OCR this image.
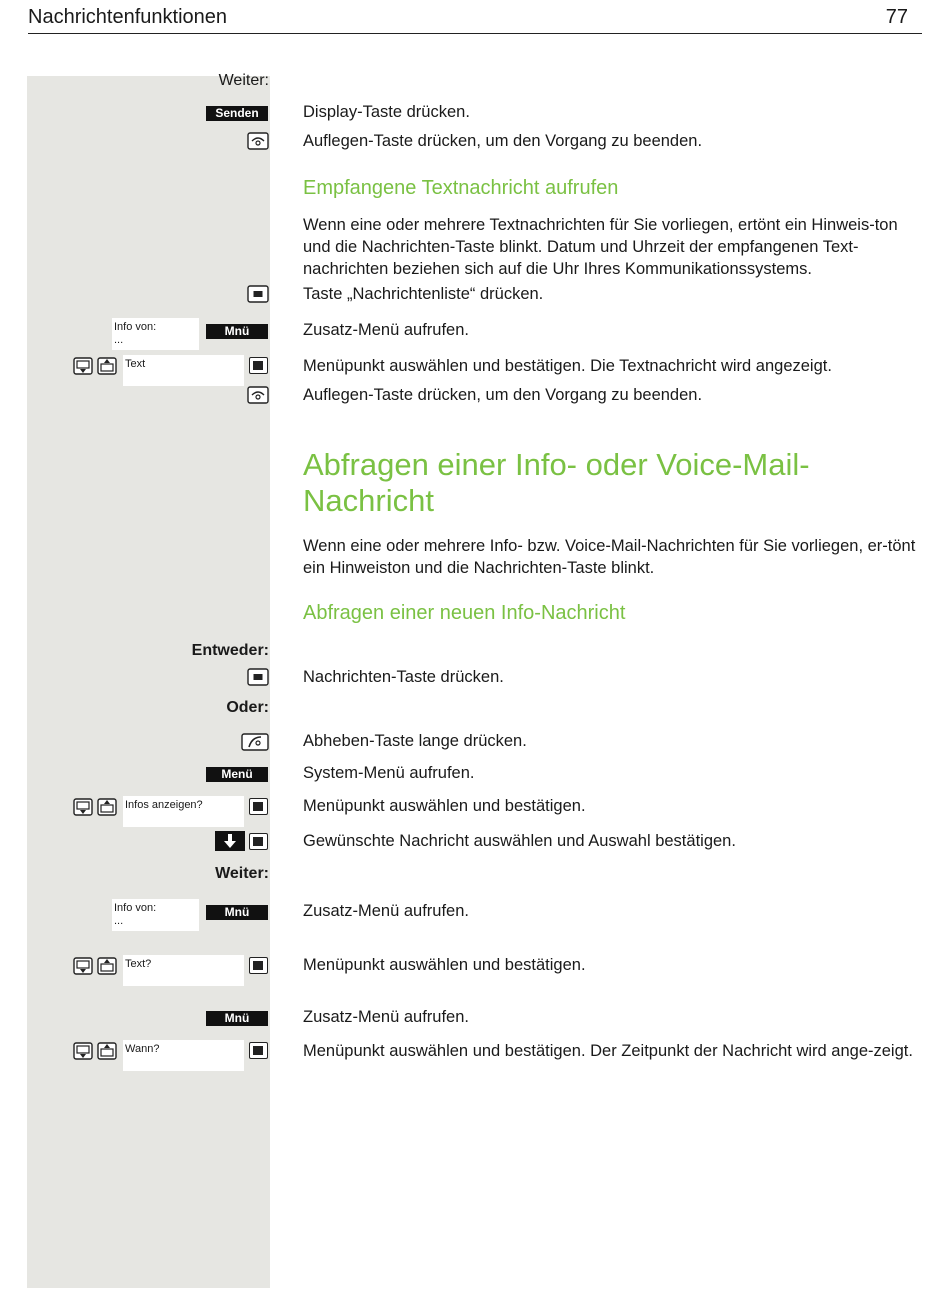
Nachrichtenfunktionen	77
Weiter:
Senden	Display-Taste drücken.
Auflegen-Taste drücken, um den Vorgang zu beenden.
Empfangene Textnachricht aufrufen
Wenn eine oder mehrere Textnachrichten für Sie vorliegen, ertönt ein Hinweis-ton und die Nachrichten-Taste blinkt. Datum und Uhrzeit der empfangenen Text-nachrichten beziehen sich auf die Uhr Ihres Kommunikationssystems.
Taste „Nachrichtenliste“ drücken.
Info von:
...
Mnü	Zusatz-Menü aufrufen.
Text	Menüpunkt auswählen und bestätigen. Die Textnachricht wird angezeigt.
Auflegen-Taste drücken, um den Vorgang zu beenden.
Abfragen einer Info- oder Voice-Mail-Nachricht
Wenn eine oder mehrere Info- bzw. Voice-Mail-Nachrichten für Sie vorliegen, er-tönt ein Hinweiston und die Nachrichten-Taste blinkt.
Abfragen einer neuen Info-Nachricht
Entweder:
Nachrichten-Taste drücken.
Oder:
Abheben-Taste lange drücken.
Menü	System-Menü aufrufen.
Infos anzeigen?	Menüpunkt auswählen und bestätigen.
Gewünschte Nachricht auswählen und Auswahl bestätigen.
Weiter:
Info von:
...
Mnü	Zusatz-Menü aufrufen.
Text?	Menüpunkt auswählen und bestätigen.
Mnü	Zusatz-Menü aufrufen.
Wann?	Menüpunkt auswählen und bestätigen. Der Zeitpunkt der Nachricht wird ange-zeigt.
